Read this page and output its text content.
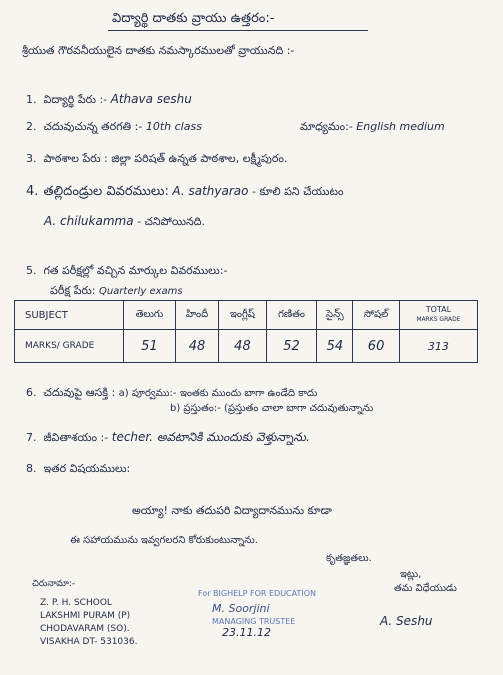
విద్యార్థి దాతకు వ్రాయు ఉత్తరం:-
శ్రీయుత గౌరవనీయులైన దాతకు నమస్కారములతో వ్రాయునది :-
1. విద్యార్థి పేరు :- Athava seshu
2. చదువుచున్న తరగతి :- 10th class	మాధ్యమం:- English medium
3. పాఠశాల పేరు : జిల్లా పరిషత్ ఉన్నత పాఠశాల, లక్ష్మీపురం.
4. తల్లిదండ్రుల వివరములు: A. sathyarao - కూలి పని చేయుటం
A. chilukamma - చనిపోయినది.
5. గత పరీక్షల్లో వచ్చిన మార్కుల వివరములు:-
పరీక్ష పేరు: Quarterly exams
SUBJECT	తెలుగు	హిందీ	ఇంగ్లీష్	గణితం	సైన్స్	సోషల్	TOTAL
MARKS GRADE

MARKS/ GRADE	51	48	48	52	54	60	313
6. చదువుపై ఆసక్తి : a) పూర్వము:- ఇంతకు ముందు బాగా ఉండేది కాదు
b) ప్రస్తుతం:- (ప్రస్తుతం చాలా బాగా చదువుతున్నాను
7. జీవితాశయం :- techer. అవటానికి ముందుకు వెళ్తున్నాను.
8. ఇతర విషయములు:
అయ్యా! నాకు తదుపరి విద్యాదానమును కూడా
ఈ సహాయమును ఇవ్వగలరని కోరుకుంటున్నాను.
కృతజ్ఞతలు.
చిరునామా:-
Z. P. H. SCHOOL
LAKSHMI PURAM (P)
CHODAVARAM (SO).
VISAKHA DT- 531036.
For BIGHELP FOR EDUCATION
M. Soorjini
MANAGING TRUSTEE
23.11.12
ఇట్లు,
తమ విధేయుడు
A. Seshu
